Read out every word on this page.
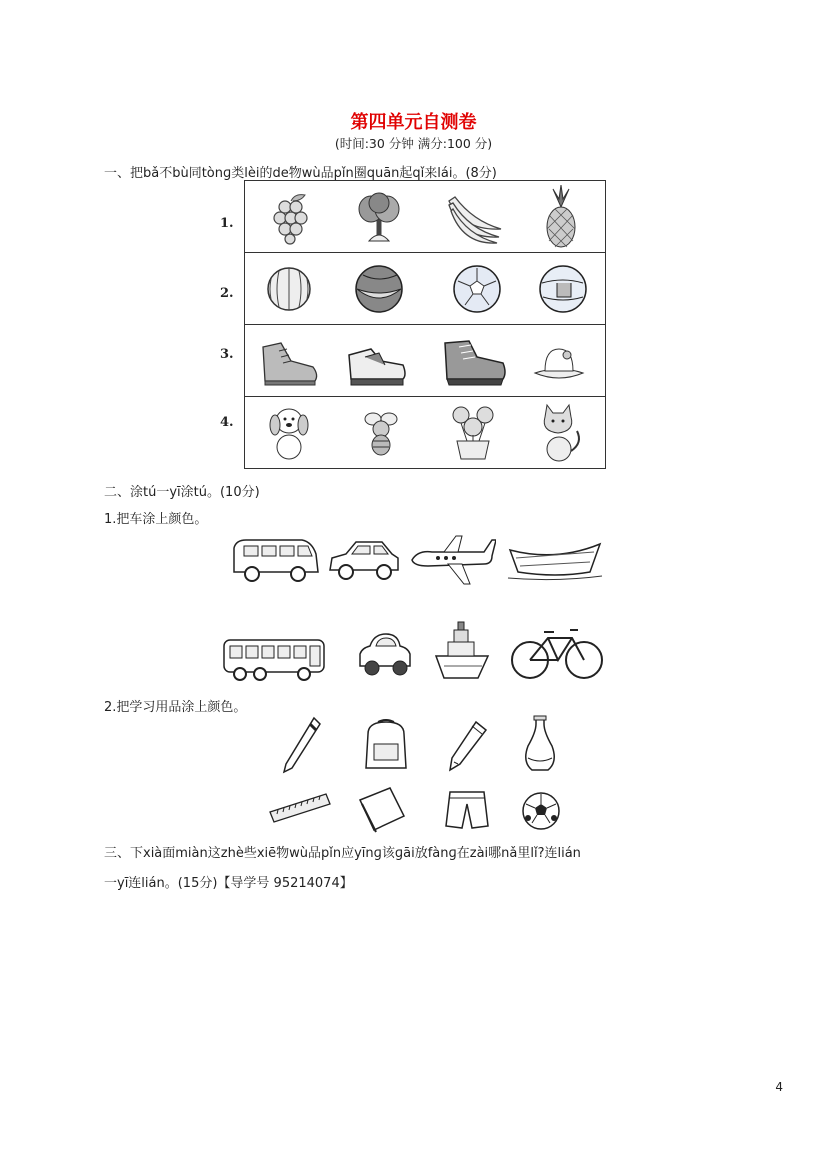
第四单元自测卷
(时间:30 分钟 满分:100 分)
一、把bǎ不bù同tònɡ类lèi的de物wù品pǐn圈quān起qǐ来lái。(8分)
1.
2.
3.
4.
二、涂tú一yī涂tú。(10分)
1.把车涂上颜色。
2.把学习用品涂上颜色。
三、下xià面miàn这zhè些xiē物wù品pǐn应yīnɡ该ɡāi放fànɡ在zài哪nǎ里lǐ?连lián
一yī连lián。(15分)【导学号 95214074】
4
